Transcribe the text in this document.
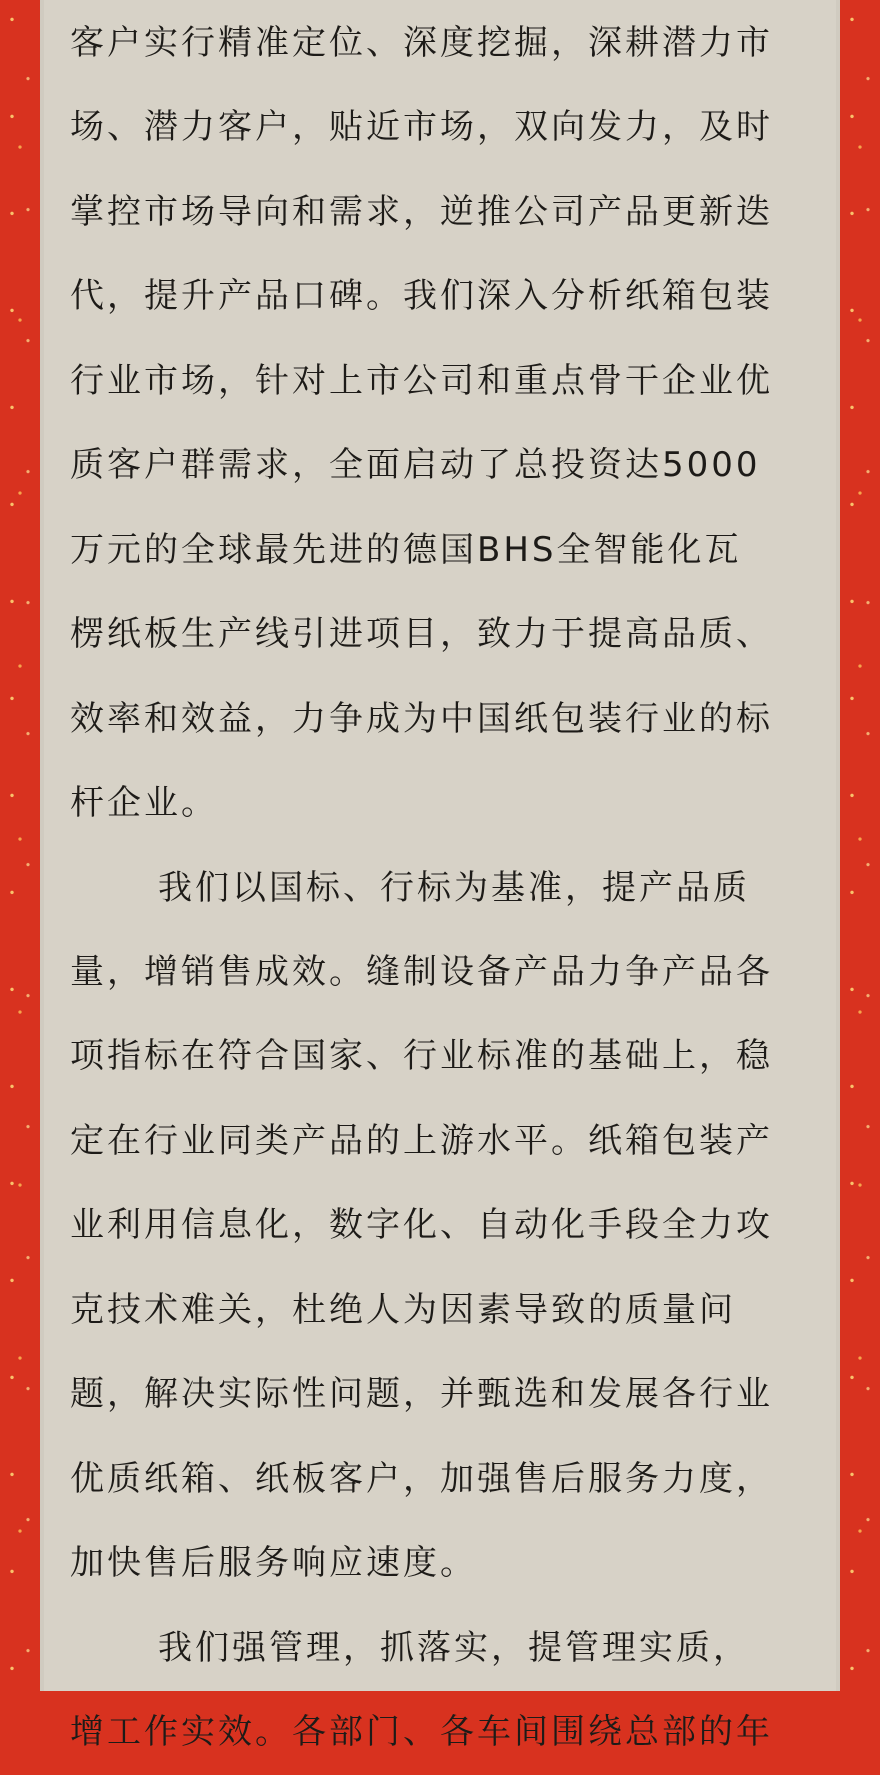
客户实行精准定位、深度挖掘，深耕潜力市
场、潜力客户，贴近市场，双向发力，及时
掌控市场导向和需求，逆推公司产品更新迭
代，提升产品口碑。我们深入分析纸箱包装
行业市场，针对上市公司和重点骨干企业优
质客户群需求，全面启动了总投资达5000
万元的全球最先进的德国BHS全智能化瓦
楞纸板生产线引进项目，致力于提高品质、
效率和效益，力争成为中国纸包装行业的标
杆企业。

我们以国标、行标为基准，提产品质
量，增销售成效。缝制设备产品力争产品各
项指标在符合国家、行业标准的基础上，稳
定在行业同类产品的上游水平。纸箱包装产
业利用信息化，数字化、自动化手段全力攻
克技术难关，杜绝人为因素导致的质量问
题，解决实际性问题，并甄选和发展各行业
优质纸箱、纸板客户，加强售后服务力度，
加快售后服务响应速度。

我们强管理，抓落实，提管理实质，
增工作实效。各部门、各车间围绕总部的年
